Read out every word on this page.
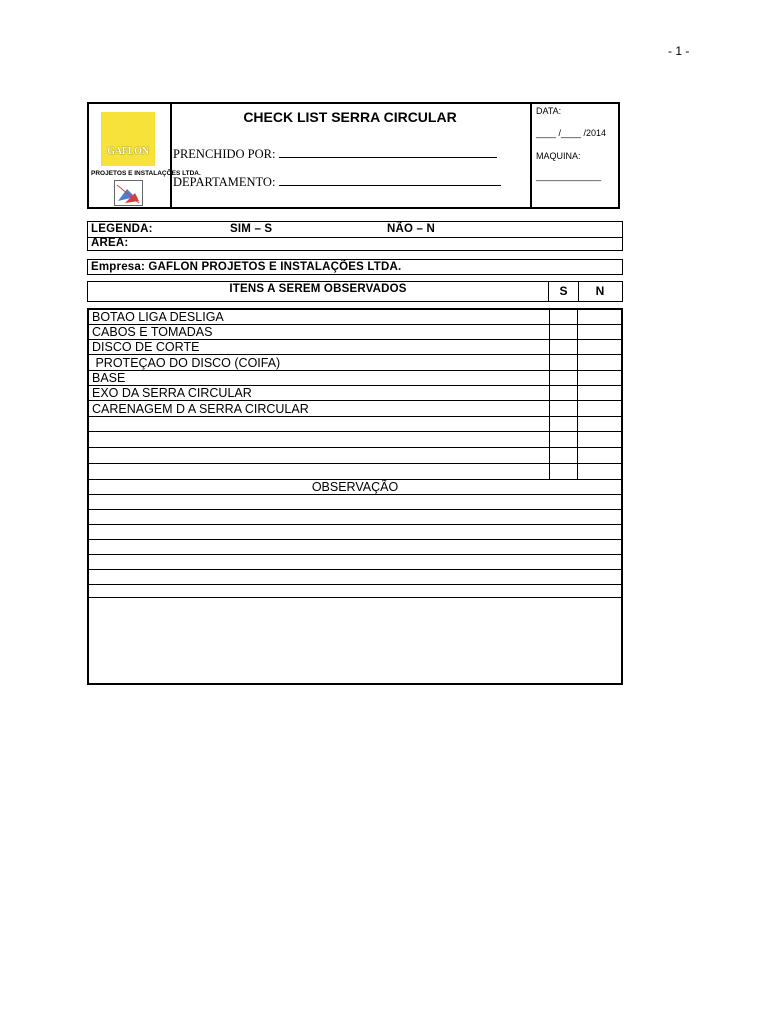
- 1 -
GAFLON
PROJETOS E INSTALAÇÕES LTDA.
CHECK LIST SERRA CIRCULAR
PRENCHIDO POR:
DEPARTAMENTO:
DATA:
____ /____ /2014
MAQUINA:
_____________
LEGENDA:	SIM – S	NÃO – N
AREA:
Empresa: GAFLON PROJETOS E INSTALAÇÕES LTDA.
ITENS A SEREM OBSERVADOS	S	N
BOTAO LIGA DESLIGA
CABOS E TOMADAS
DISCO DE CORTE
PROTEÇAO DO DISCO (COIFA)
BASE
EXO DA SERRA CIRCULAR
CARENAGEM D A SERRA CIRCULAR
OBSERVAÇÃO
